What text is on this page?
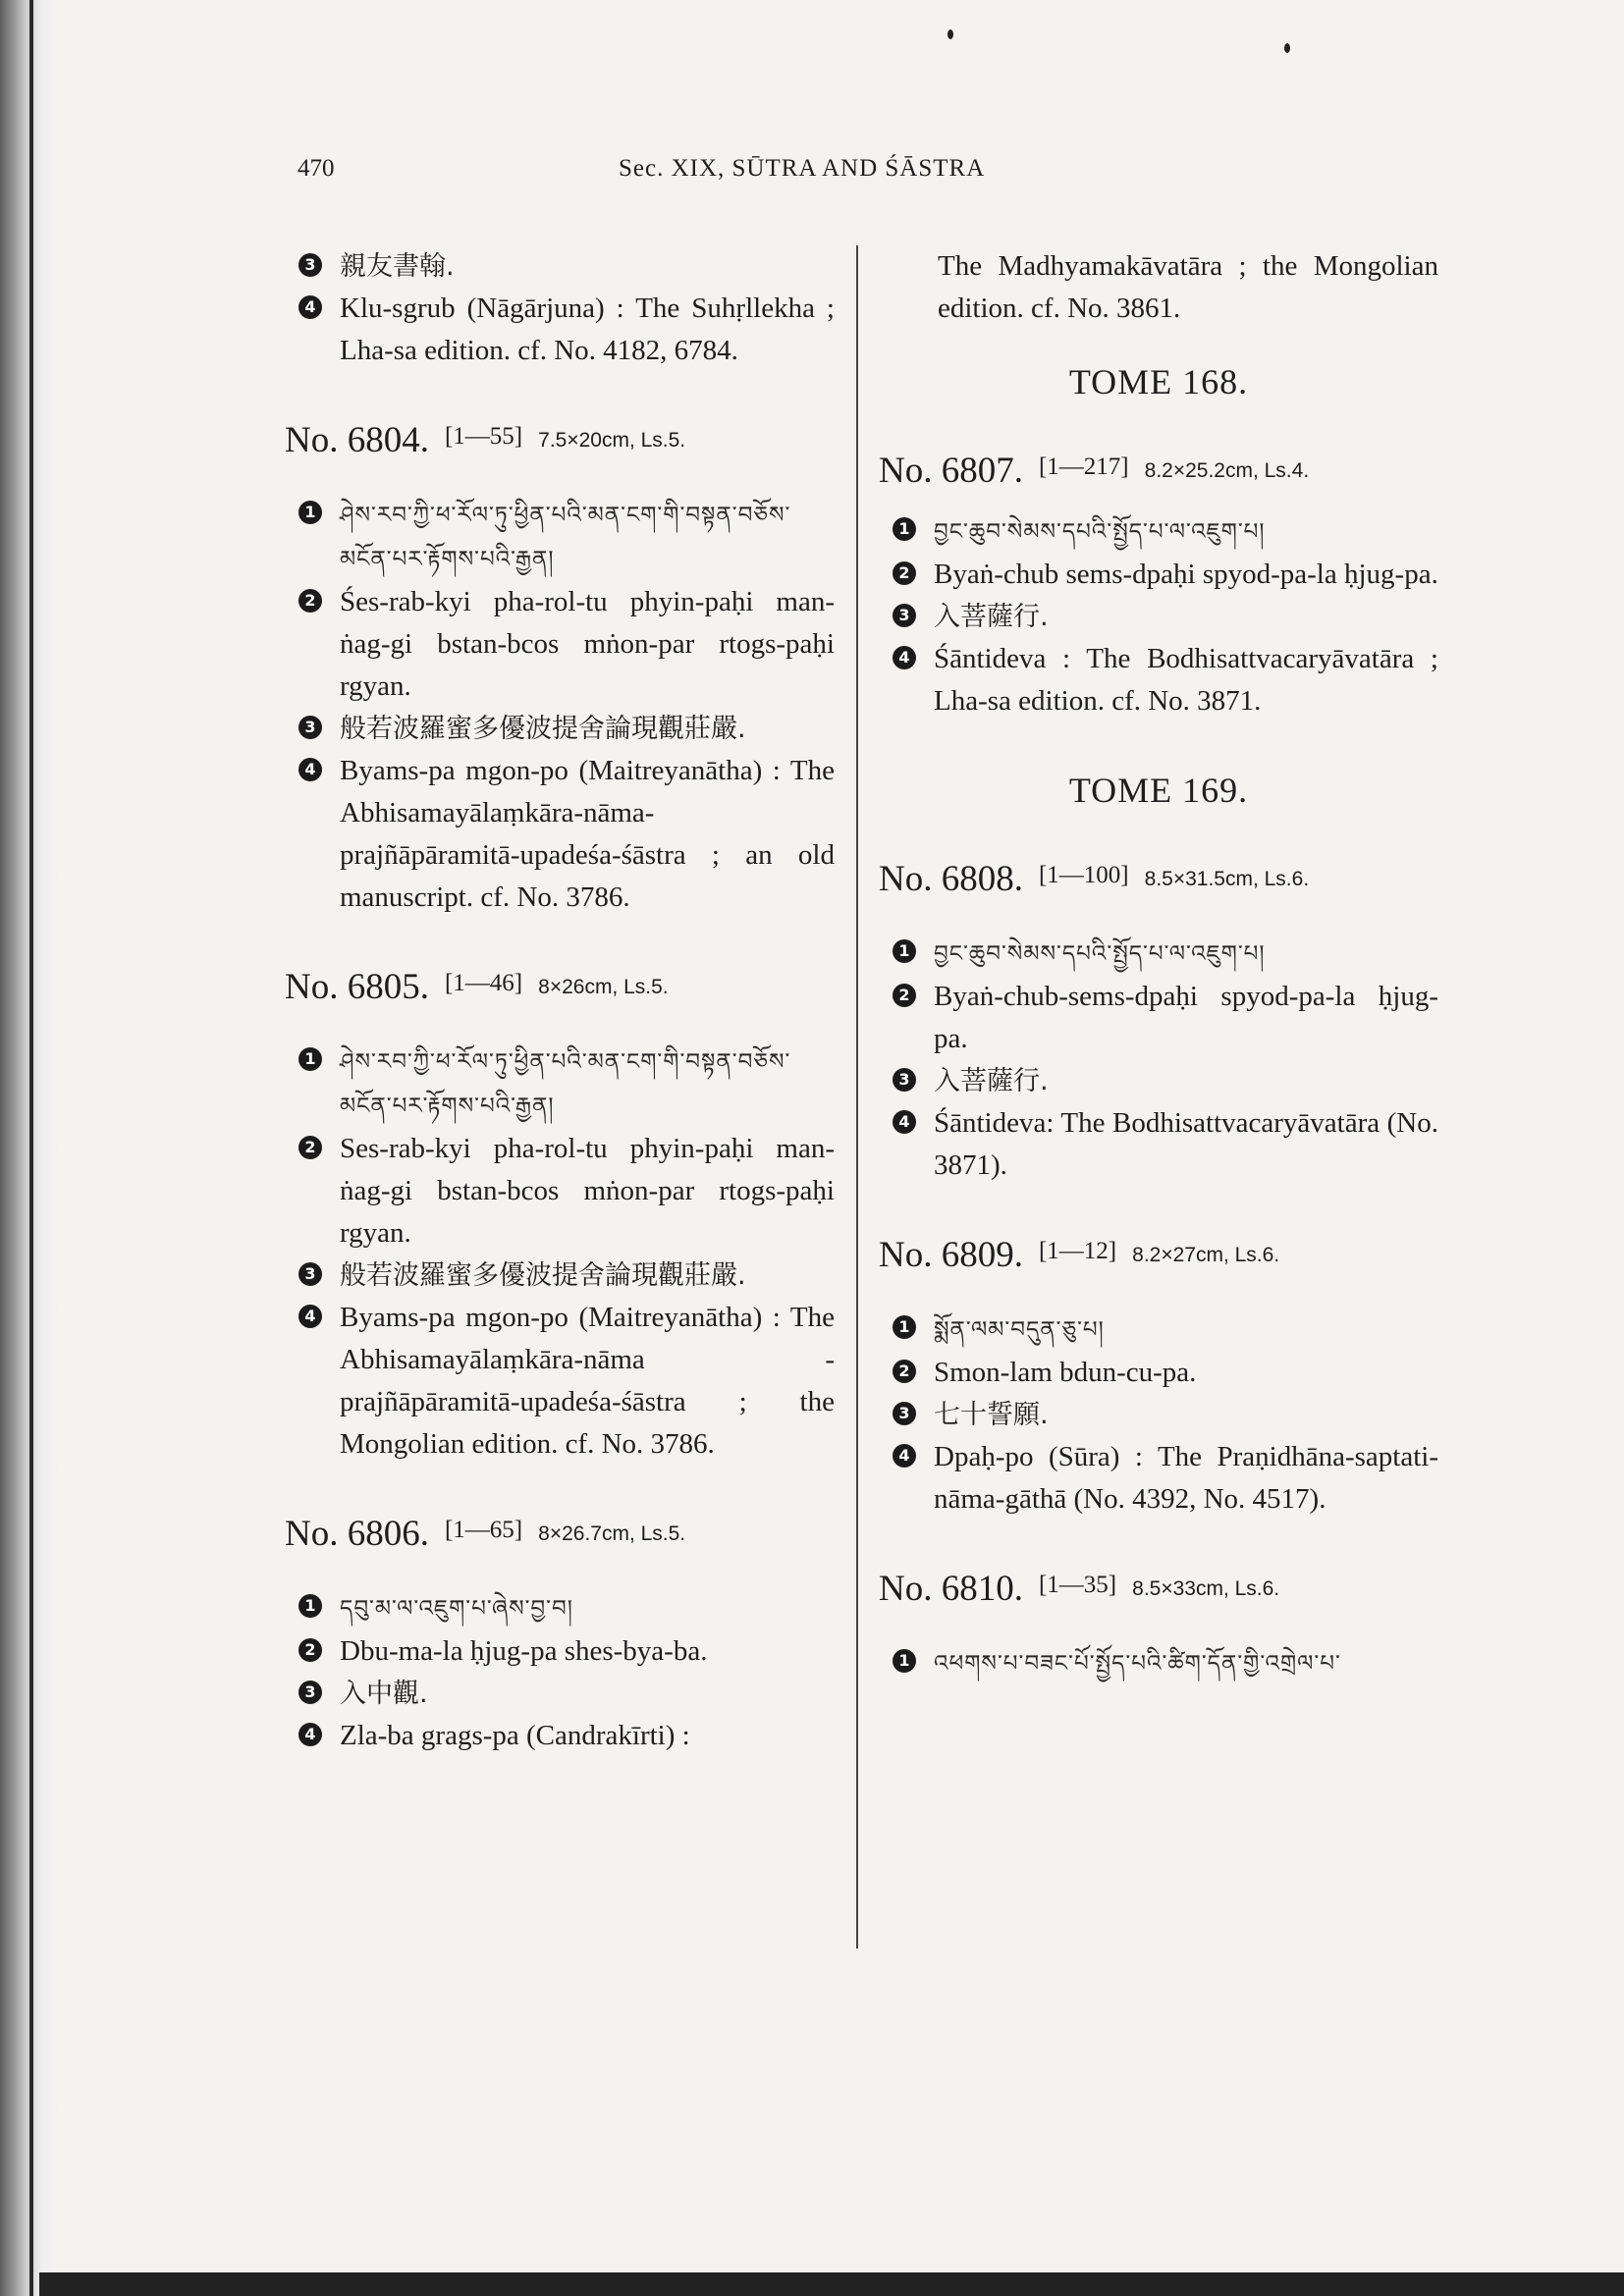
470	Sec. XIX, SŪTRA AND ŚĀSTRA

3 親友書翰.

4 Klu-sgrub (Nāgārjuna) : The Suhṛllekha ; Lha-sa edition. cf. No. 4182, 6784.

No. 6804. [1—55] 7.5×20cm, Ls.5.

1 ཤེས་རབ་ཀྱི་ཕ་རོལ་ཏུ་ཕྱིན་པའི་མན་ངག་གི་བསྟན་བཅོས་མངོན་པར་རྟོགས་པའི་རྒྱན།

2 Śes-rab-kyi pha-rol-tu phyin-paḥi man-ṅag-gi bstan-bcos mṅon-par rtogs-paḥi rgyan.

3 般若波羅蜜多優波提舍論現觀莊嚴.

4 Byams-pa mgon-po (Maitreyanātha) : The Abhisamayālaṃkāra-nāma-prajñāpāramitā-upadeśa-śāstra ; an old manuscript. cf. No. 3786.

No. 6805. [1—46] 8×26cm, Ls.5.

1 ཤེས་རབ་ཀྱི་ཕ་རོལ་ཏུ་ཕྱིན་པའི་མན་ངག་གི་བསྟན་བཅོས་མངོན་པར་རྟོགས་པའི་རྒྱན།

2 Ses-rab-kyi pha-rol-tu phyin-paḥi man-ṅag-gi bstan-bcos mṅon-par rtogs-paḥi rgyan.

3 般若波羅蜜多優波提舍論現觀莊嚴.

4 Byams-pa mgon-po (Maitreyanātha) : The Abhisamayālaṃkāra-nāma - prajñāpāramitā-upadeśa-śāstra ; the Mongolian edition. cf. No. 3786.

No. 6806. [1—65] 8×26.7cm, Ls.5.

1 དབུ་མ་ལ་འཇུག་པ་ཞེས་བྱ་བ།

2 Dbu-ma-la ḥjug-pa shes-bya-ba.

3 入中觀.

4 Zla-ba grags-pa (Candrakīrti) :

The Madhyamakāvatāra ; the Mongolian edition. cf. No. 3861.

TOME 168.

No. 6807. [1—217] 8.2×25.2cm, Ls.4.

1 བྱང་ཆུབ་སེམས་དཔའི་སྤྱོད་པ་ལ་འཇུག་པ།

2 Byaṅ-chub sems-dpaḥi spyod-pa-la ḥjug-pa.

3 入菩薩行.

4 Śāntideva : The Bodhisattvacaryāvatāra ; Lha-sa edition. cf. No. 3871.

TOME 169.

No. 6808. [1—100] 8.5×31.5cm, Ls.6.

1 བྱང་ཆུབ་སེམས་དཔའི་སྤྱོད་པ་ལ་འཇུག་པ།

2 Byaṅ-chub-sems-dpaḥi spyod-pa-la ḥjug-pa.

3 入菩薩行.

4 Śāntideva: The Bodhisattvacaryāvatāra (No. 3871).

No. 6809. [1—12] 8.2×27cm, Ls.6.

1 སྨོན་ལམ་བདུན་ཅུ་པ།

2 Smon-lam bdun-cu-pa.

3 七十誓願.

4 Dpaḥ-po (Sūra) : The Praṇidhāna-saptati-nāma-gāthā (No. 4392, No. 4517).

No. 6810. [1—35] 8.5×33cm, Ls.6.

1 འཕགས་པ་བཟང་པོ་སྤྱོད་པའི་ཚིག་དོན་གྱི་འགྲེལ་པ་
